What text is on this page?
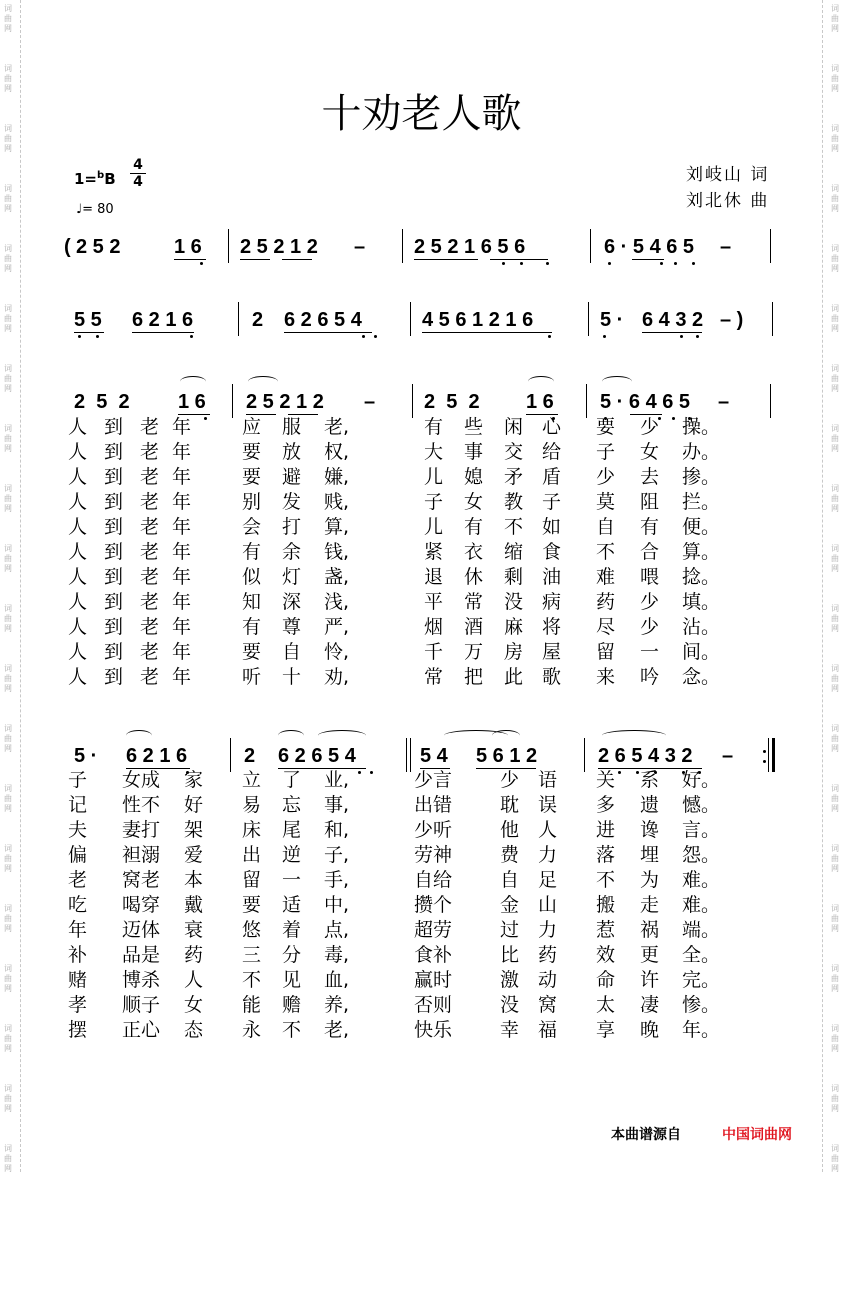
词曲网
词曲网
词曲网
词曲网
词曲网
词曲网
词曲网
词曲网
词曲网
词曲网
词曲网
词曲网
词曲网
词曲网
词曲网
词曲网
词曲网
词曲网
词曲网
词曲网
词曲网
词曲网
词曲网
词曲网
词曲网
词曲网
词曲网
词曲网
词曲网
词曲网
词曲网
词曲网
词曲网
词曲网
词曲网
词曲网
词曲网
词曲网
词曲网
词曲网
十劝老人歌
1=$^b$B
4
4
♩= 80
刘岐山 词
刘北休 曲

(

2 5 2

	1 6

2 5 2 1 2

–

2 5 2 1 6 5 6

	6 · 5 4 6 5

–

5 5

6 2 1 6

	2

6 2 6 5 4

	4 5 6 1 2 1 6

	5 ·

6 4 3 2

– )

2  5  2

1 6

2 5 2 1 2

–

2  5  2

1 6

5 · 6 4 6 5

–

人 到 老 年	应 服 老,	有 些 闲 心 要 少 操。
人 到 老 年	要 放 权,	大 事 交 给 子 女 办。
人 到 老 年	要 避 嫌,	儿 媳 矛 盾 少 去 掺。
人 到 老 年	别 发 贱,	子 女 教 子 莫 阻 拦。
人 到 老 年	会 打 算,	儿 有 不 如 自 有 便。
人 到 老 年	有 余 钱,	紧 衣 缩 食 不 合 算。
人 到 老 年	似 灯 盏,	退 休 剩 油 难 喂 捻。
人 到 老 年	知 深 浅,	平 常 没 病 药 少 填。
人 到 老 年	有 尊 严,	烟 酒 麻 将 尽 少 沾。
人 到 老 年	要 自 怜,	千 万 房 屋 留 一 间。
人 到 老 年	听 十 劝,	常 把 此 歌 来 吟 念。

5 ·

6 2 1 6

	2

6 2 6 5 4

	5 4

5 6 1 2

	2 6 5 4 3 2

–

子 女成 家 立 了 业,	少言	少 语 关 系 好。
记 性不 好 易 忘 事,	出错	耽 误 多 遗 憾。
夫 妻打 架 床 尾 和,	少听	他 人 进 谗 言。
偏 袒溺 爱 出 逆 子,	劳神	费 力 落 埋 怨。
老 窝老 本 留 一 手,	自给	自 足 不 为 难。
吃 喝穿 戴 要 适 中,	攒个	金 山 搬 走 难。
年 迈体 衰 悠 着 点,	超劳	过 力 惹 祸 端。
补 品是 药 三 分 毒,	食补	比 药 效 更 全。
赌 博杀 人 不 见 血,	赢时	激 动 命 许 完。
孝 顺子 女 能 赡 养,	否则	没 窝 太 凄 惨。
摆 正心 态 永 不 老,	快乐	幸 福 享 晚 年。
本曲谱源自	中国词曲网
